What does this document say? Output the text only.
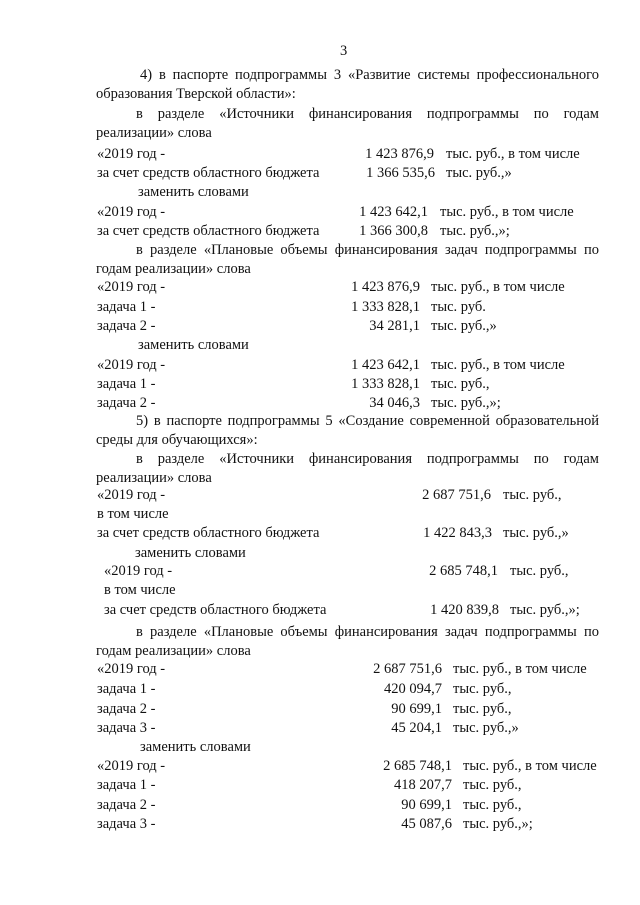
3
4) в паспорте подпрограммы 3 «Развитие системы профессионального образования Тверской области»:
в разделе «Источники финансирования подпрограммы по годам реализации» слова
«2019 год -	1 423 876,9 тыс. руб., в том числе
за счет средств областного бюджета	1 366 535,6 тыс. руб.,»
заменить словами
«2019 год -	1 423 642,1 тыс. руб., в том числе
за счет средств областного бюджета	1 366 300,8 тыс. руб.,»;
в разделе «Плановые объемы финансирования задач подпрограммы по годам реализации» слова
«2019 год -	1 423 876,9 тыс. руб., в том числе
задача 1 -	1 333 828,1 тыс. руб.
задача 2 -	34 281,1 тыс. руб.,»
заменить словами
«2019 год -	1 423 642,1 тыс. руб., в том числе
задача 1 -	1 333 828,1 тыс. руб.,
задача 2 -	34 046,3 тыс. руб.,»;
5) в паспорте подпрограммы 5 «Создание современной образовательной среды для обучающихся»:
в разделе «Источники финансирования подпрограммы по годам реализации» слова
«2019 год -	2 687 751,6 тыс. руб.,
в том числе
за счет средств областного бюджета	1 422 843,3 тыс. руб.,»
заменить словами
«2019 год -	2 685 748,1 тыс. руб.,
в том числе
за счет средств областного бюджета	1 420 839,8 тыс. руб.,»;
в разделе «Плановые объемы финансирования задач подпрограммы по годам реализации» слова
«2019 год -	2 687 751,6 тыс. руб., в том числе
задача 1 -	420 094,7 тыс. руб.,
задача 2 -	90 699,1 тыс. руб.,
задача 3 -	45 204,1 тыс. руб.,»
заменить словами
«2019 год -	2 685 748,1 тыс. руб., в том числе
задача 1 -	418 207,7 тыс. руб.,
задача 2 -	90 699,1 тыс. руб.,
задача 3 -	45 087,6 тыс. руб.,»;
